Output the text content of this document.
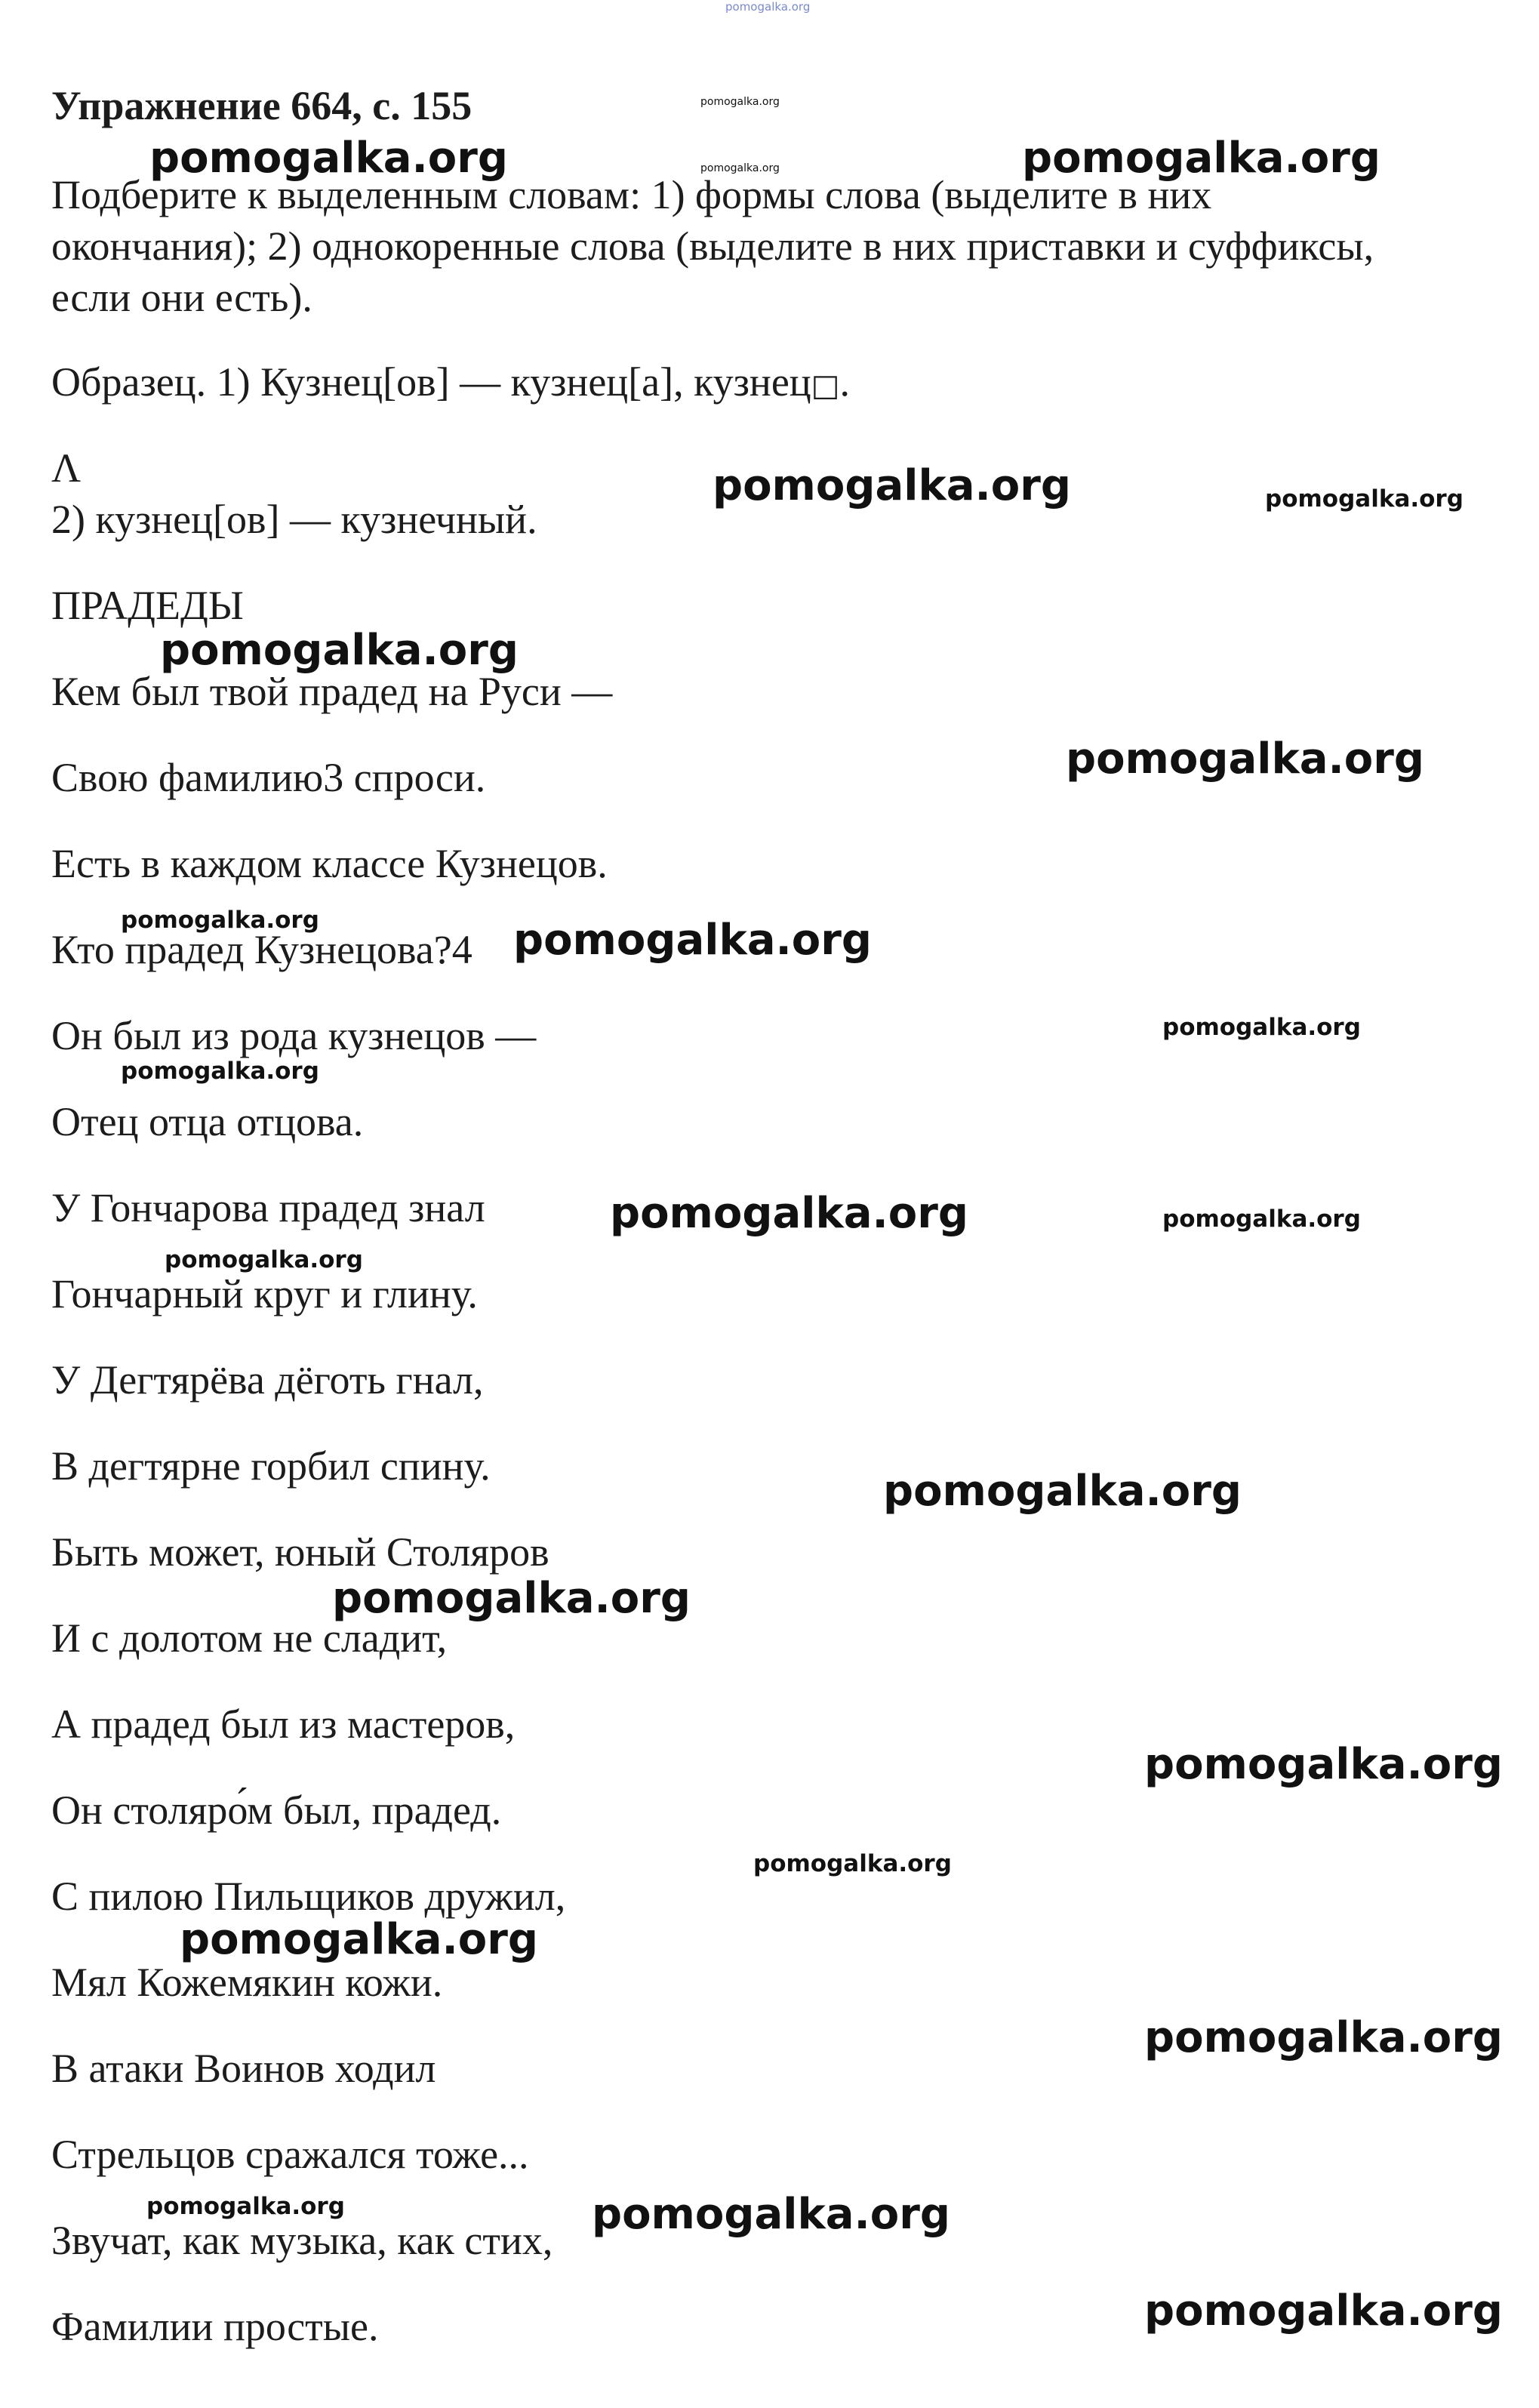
pomogalka.org
Упражнение 664, с. 155
Подберите к выделенным словам: 1) формы слова (выделите в них
окончания); 2) однокоренные слова (выделите в них приставки и суффиксы,
если они есть).
Образец. 1) Кузнец[ов] — кузнец[а], кузнец□.
Λ
2) кузнец[ов] — кузнечный.
ПРАДЕДЫ
Кем был твой прадед на Руси —
Свою фамилию3 спроси.
Есть в каждом классе Кузнецов.
Кто прадед Кузнецова?4
Он был из рода кузнецов —
Отец отца отцова.
У Гончарова прадед знал
Гончарный круг и глину.
У Дегтярёва дёготь гнал,
В дегтярне горбил спину.
Быть может, юный Столяров
И с долотом не сладит,
А прадед был из мастеров,
Он столяро́м был, прадед.
С пилою Пильщиков дружил,
Мял Кожемякин кожи.
В атаки Воинов ходил
Стрельцов сражался тоже...
Звучат, как музыка, как стих,
Фамилии простые.
pomogalka.org
pomogalka.org
pomogalka.org	pomogalka.org
pomogalka.org	pomogalka.org
pomogalka.org
pomogalka.org
pomogalka.org	pomogalka.org
pomogalka.org
pomogalka.org
pomogalka.org	pomogalka.org
pomogalka.org
pomogalka.org
pomogalka.org
pomogalka.org
pomogalka.org
pomogalka.org
pomogalka.org
pomogalka.org	pomogalka.org
pomogalka.org
